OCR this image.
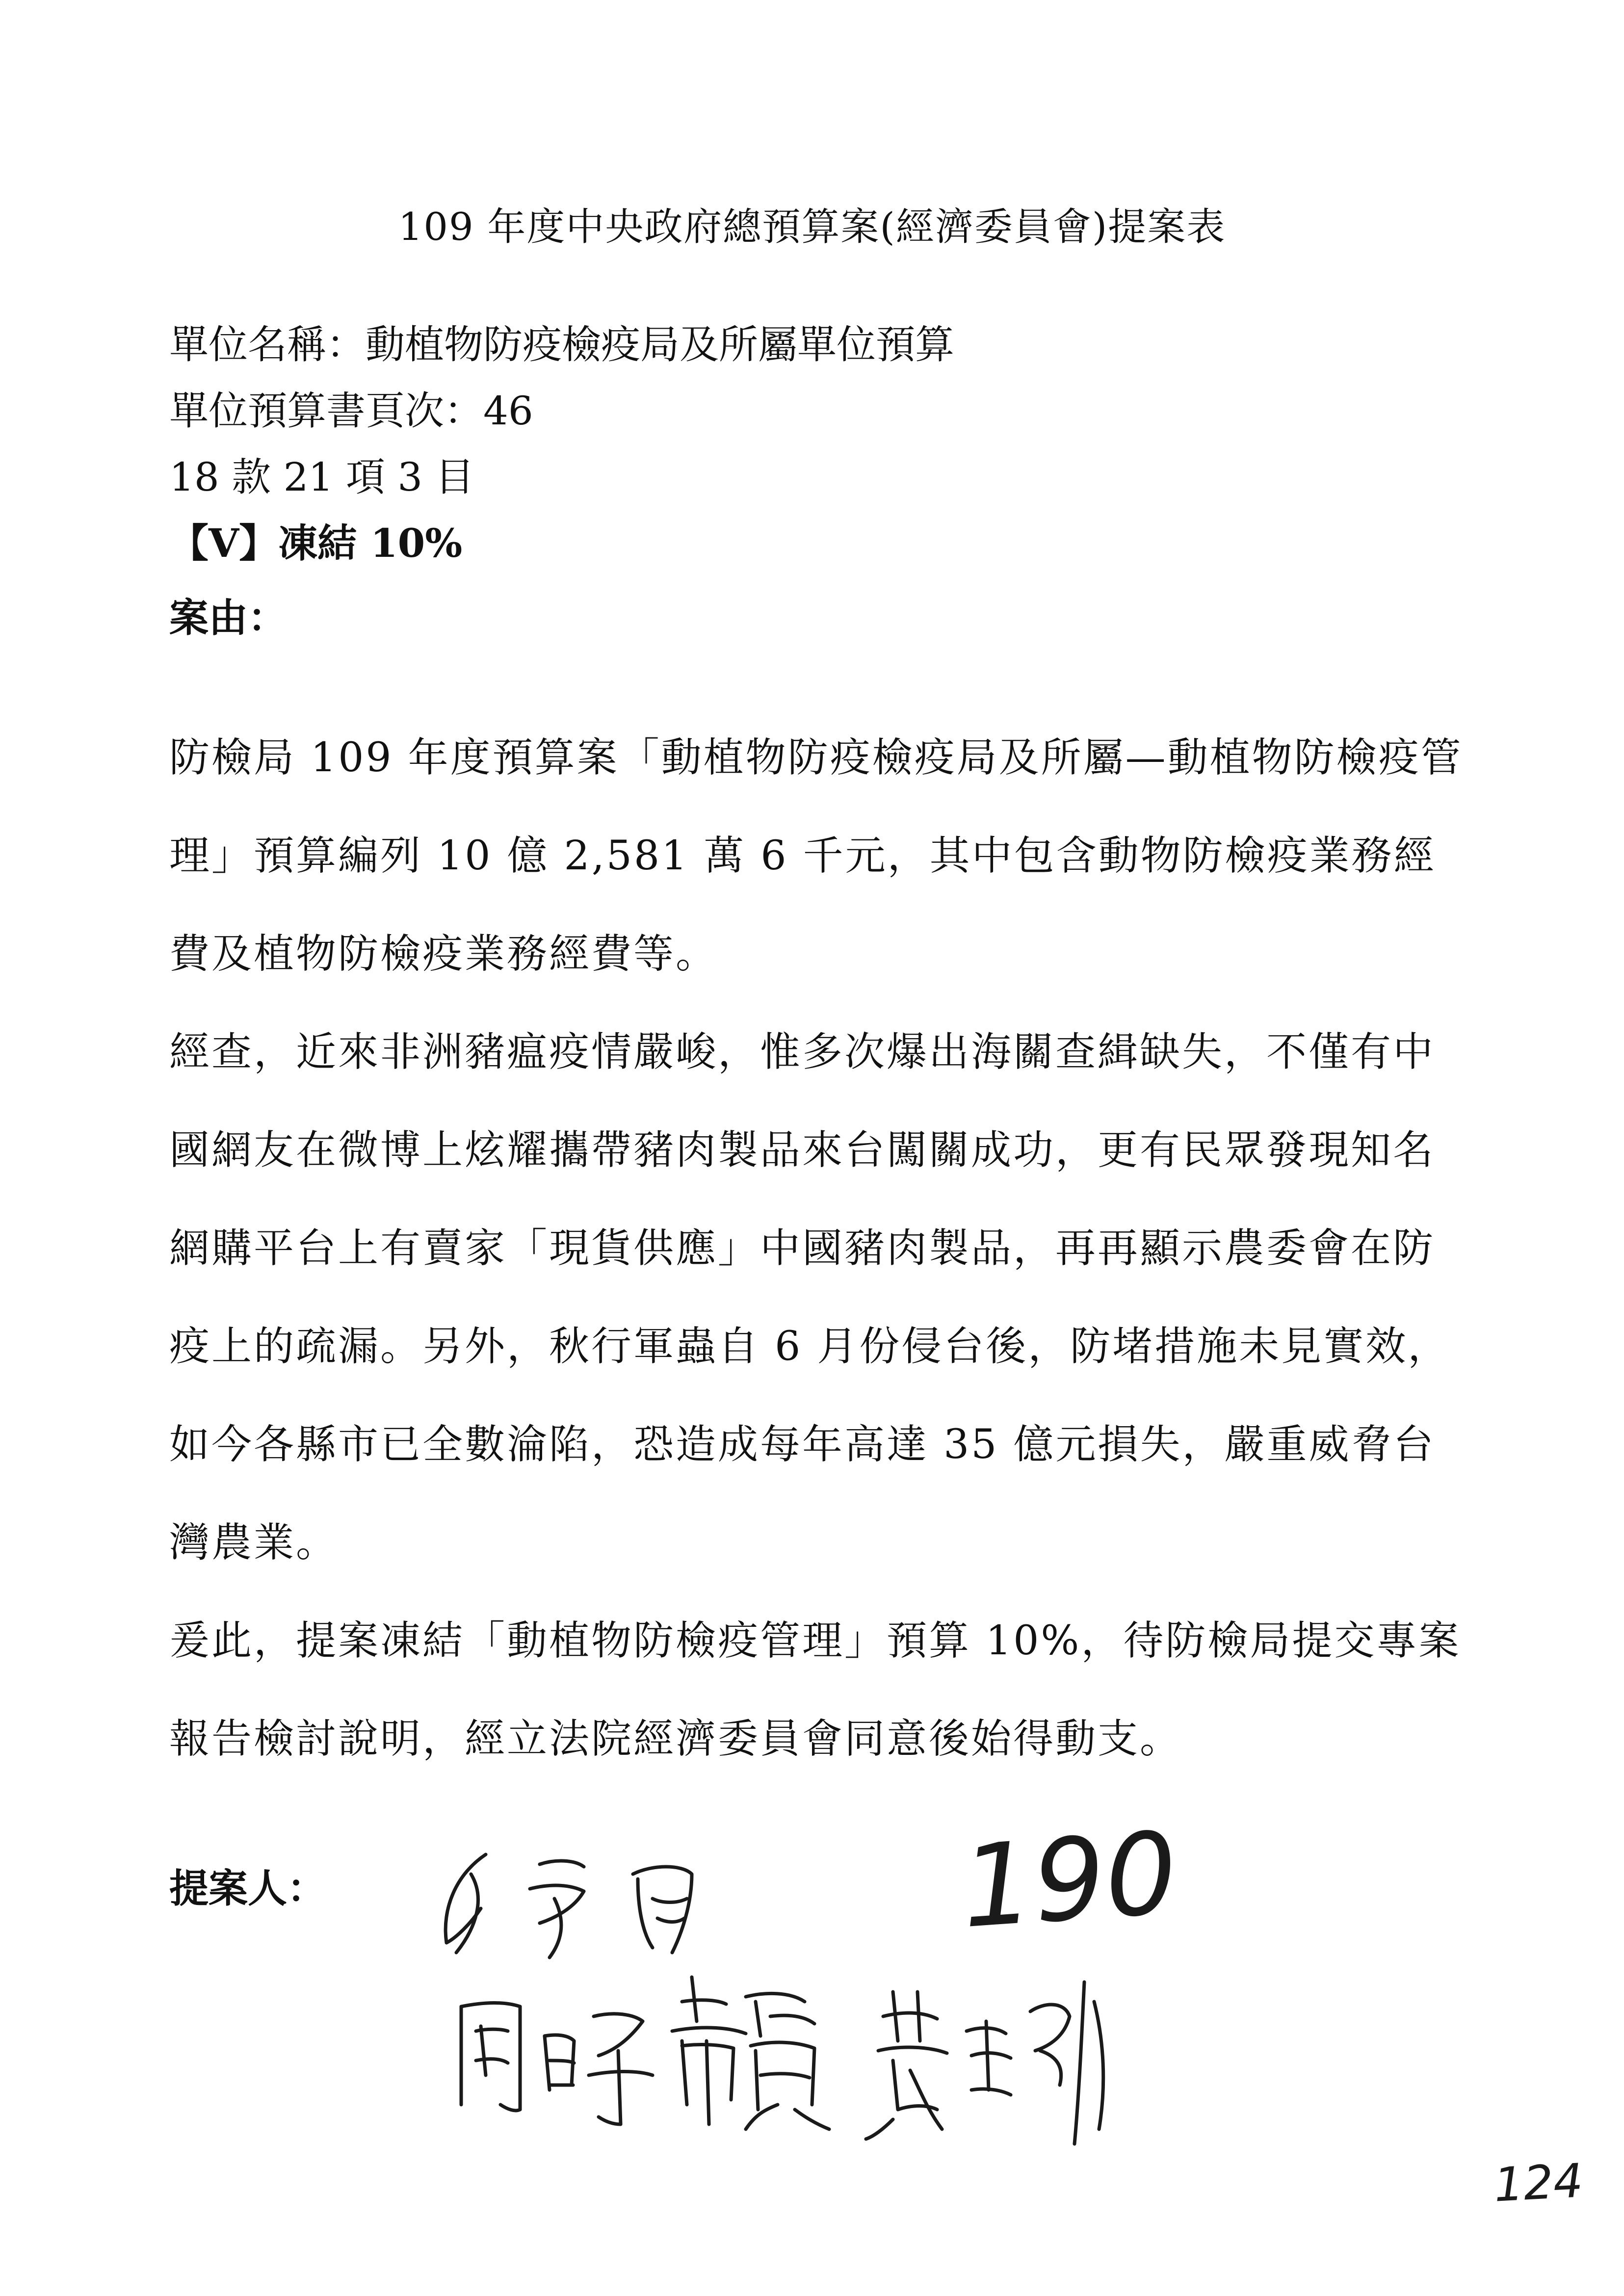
109 年度中央政府總預算案(經濟委員會)提案表
單位名稱：動植物防疫檢疫局及所屬單位預算
單位預算書頁次：46
18 款 21 項 3 目
【V】凍結 10%
案由：

防檢局 109 年度預算案「動植物防疫檢疫局及所屬—動植物防檢疫管理」預算編列 10 億 2,581 萬 6 千元，其中包含動物防檢疫業務經費及植物防檢疫業務經費等。

經查，近來非洲豬瘟疫情嚴峻，惟多次爆出海關查緝缺失，不僅有中國網友在微博上炫耀攜帶豬肉製品來台闖關成功，更有民眾發現知名網購平台上有賣家「現貨供應」中國豬肉製品，再再顯示農委會在防疫上的疏漏。另外，秋行軍蟲自 6 月份侵台後，防堵措施未見實效，如今各縣市已全數淪陷，恐造成每年高達 35 億元損失，嚴重威脅台灣農業。

爰此，提案凍結「動植物防檢疫管理」預算 10%，待防檢局提交專案報告檢討說明，經立法院經濟委員會同意後始得動支。

提案人：	190
124
